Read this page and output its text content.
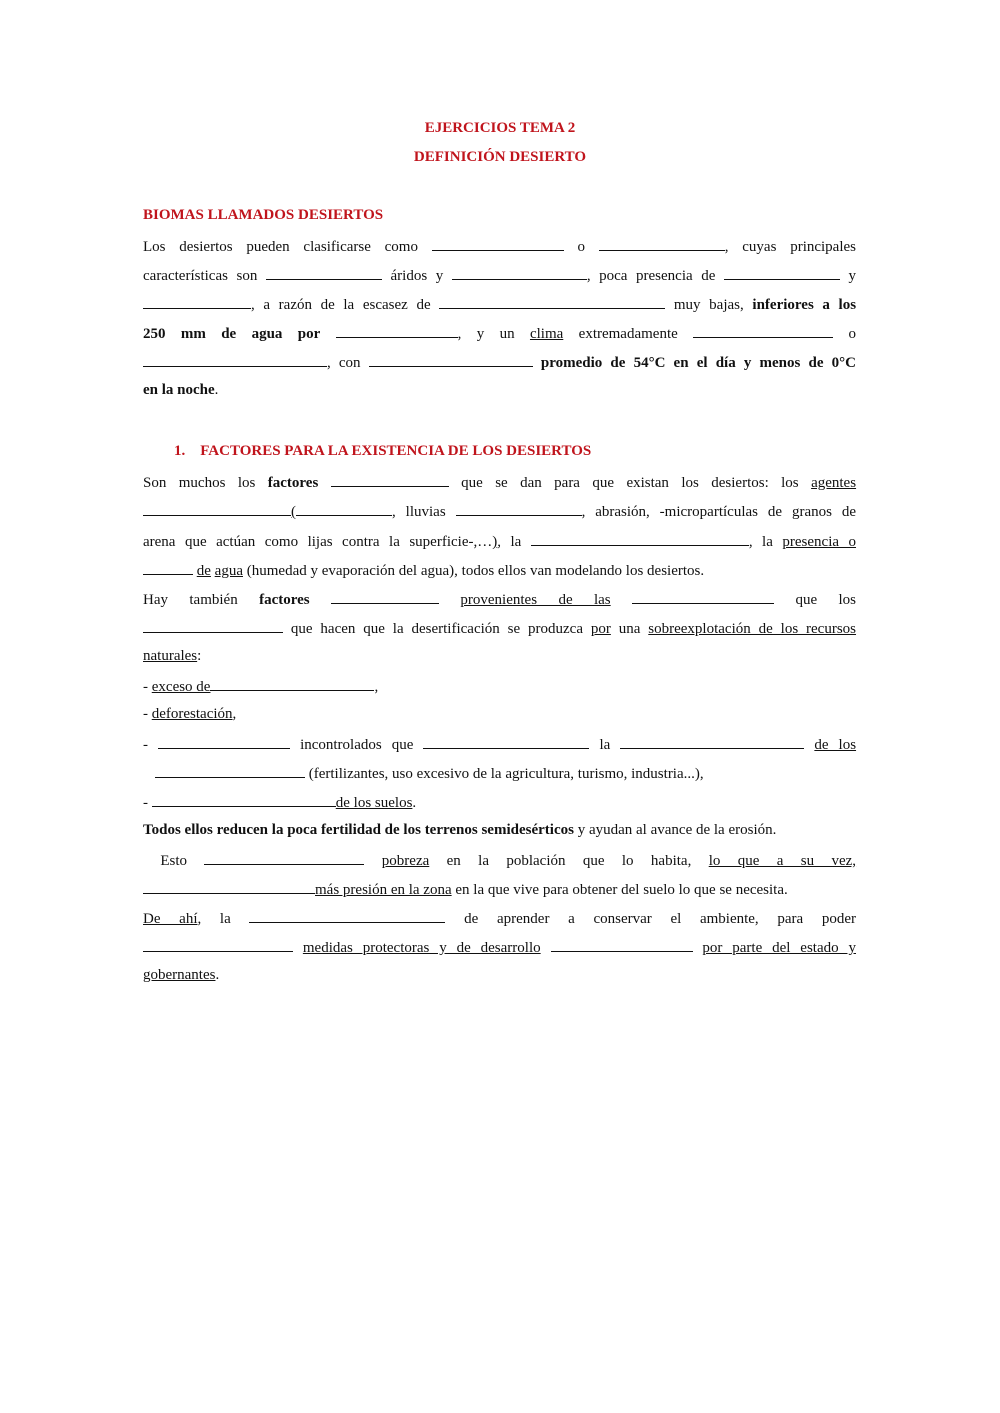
EJERCICIOS TEMA 2

DEFINICIÓN DESIERTO

BIOMAS LLAMADOS DESIERTOS

Los desiertos pueden clasificarse como	o	, cuyas principales

características son	áridos y	, poca presencia de	y

, a razón de la escasez de	muy bajas, inferiores a los

250 mm de agua por	, y un clima extremadamente	o

, con	promedio de 54°C en el día y menos de 0°C

en la noche.

1.    FACTORES PARA LA EXISTENCIA DE LOS DESIERTOS

Son muchos los factores	que se dan para que existan los desiertos: los agentes

(	, lluvias	, abrasión, -micropartículas de granos de

arena que actúan como lijas contra la superficie-,…), la	, la presencia o

de agua (humedad y evaporación del agua), todos ellos van modelando los desiertos.

Hay también factores	provenientes de las	que los

que hacen que la desertificación se produzca por una sobreexplotación de los recursos

naturales:

- exceso de	,

- deforestación,

-	incontrolados que	la	de los

(fertilizantes, uso excesivo de la agricultura, turismo, industria...),

-	de los suelos.

Todos ellos reducen la poca fertilidad de los terrenos semidesérticos y ayudan al avance de la erosión.

Esto	pobreza en la población que lo habita, lo que a su vez,

más presión en la zona en la que vive para obtener del suelo lo que se necesita.

De ahí, la	de aprender a conservar el ambiente, para poder

medidas protectoras y de desarrollo	por parte del estado y

gobernantes.
